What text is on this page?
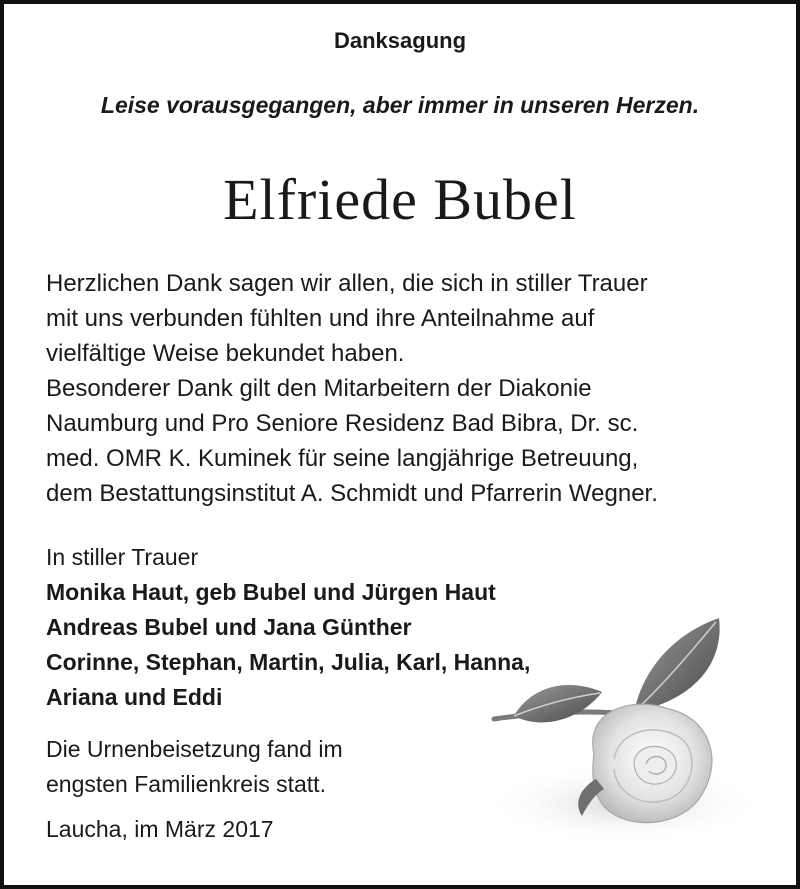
Danksagung
Leise vorausgegangen, aber immer in unseren Herzen.
Elfriede Bubel
Herzlichen Dank sagen wir allen, die sich in stiller Trauer
mit uns verbunden fühlten und ihre Anteilnahme auf
vielfältige Weise bekundet haben.
Besonderer Dank gilt den Mitarbeitern der Diakonie
Naumburg und Pro Seniore Residenz Bad Bibra, Dr. sc.
med. OMR K. Kuminek für seine langjährige Betreuung,
dem Bestattungsinstitut A. Schmidt und Pfarrerin Wegner.
In stiller Trauer
Monika Haut, geb Bubel und Jürgen Haut
Andreas Bubel und Jana Günther
Corinne, Stephan, Martin, Julia, Karl, Hanna,
Ariana und Eddi
Die Urnenbeisetzung fand im
engsten Familienkreis statt.
Laucha, im März 2017
